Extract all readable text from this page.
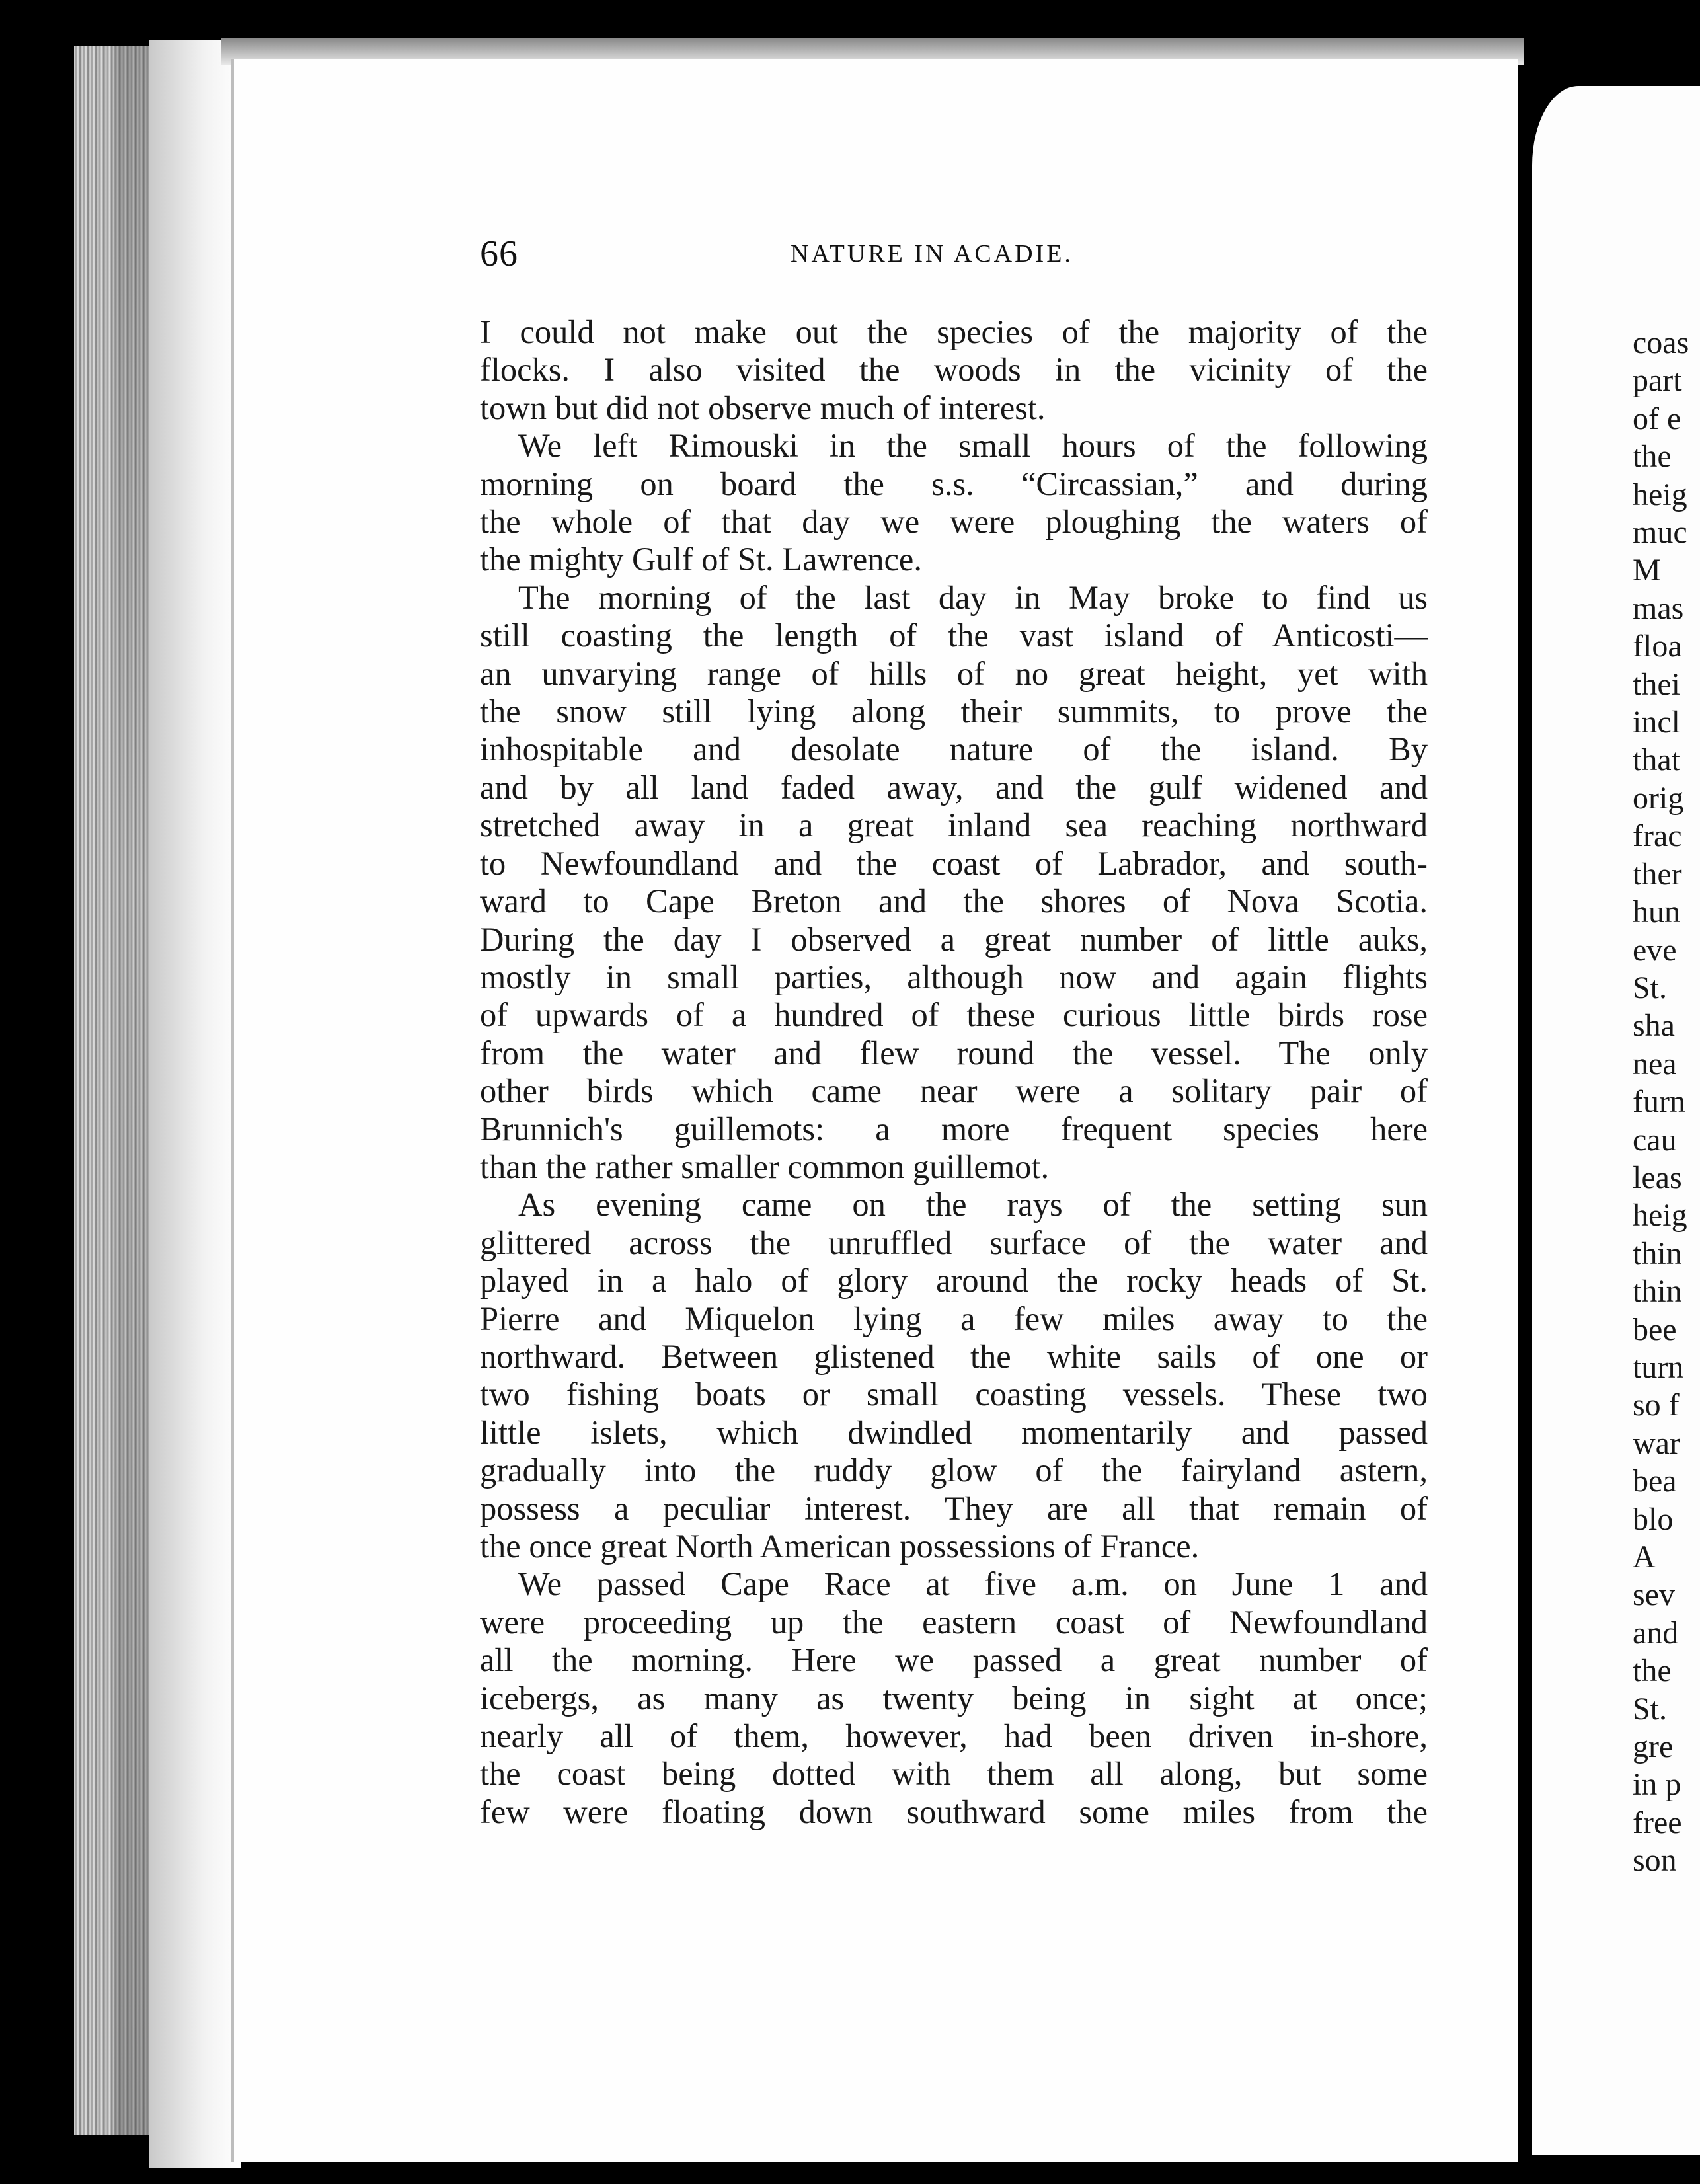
66	NATURE IN ACADIE.
I could not make out the species of the majority of the
flocks. I also visited the woods in the vicinity of the
town but did not observe much of interest.
We left Rimouski in the small hours of the following
morning on board the s.s. “Circassian,” and during
the whole of that day we were ploughing the waters of
the mighty Gulf of St. Lawrence.
The morning of the last day in May broke to find us
still coasting the length of the vast island of Anticosti—
an unvarying range of hills of no great height, yet with
the snow still lying along their summits, to prove the
inhospitable and desolate nature of the island. By
and by all land faded away, and the gulf widened and
stretched away in a great inland sea reaching northward
to Newfoundland and the coast of Labrador, and south-
ward to Cape Breton and the shores of Nova Scotia.
During the day I observed a great number of little auks,
mostly in small parties, although now and again flights
of upwards of a hundred of these curious little birds rose
from the water and flew round the vessel. The only
other birds which came near were a solitary pair of
Brunnich's guillemots: a more frequent species here
than the rather smaller common guillemot.
As evening came on the rays of the setting sun
glittered across the unruffled surface of the water and
played in a halo of glory around the rocky heads of St.
Pierre and Miquelon lying a few miles away to the
northward. Between glistened the white sails of one or
two fishing boats or small coasting vessels. These two
little islets, which dwindled momentarily and passed
gradually into the ruddy glow of the fairyland astern,
possess a peculiar interest. They are all that remain of
the once great North American possessions of France.
We passed Cape Race at five a.m. on June 1 and
were proceeding up the eastern coast of Newfoundland
all the morning. Here we passed a great number of
icebergs, as many as twenty being in sight at once;
nearly all of them, however, had been driven in-shore,
the coast being dotted with them all along, but some
few were floating down southward some miles from the
coas
part
of e
the
heig
muc
M
mas
floa
thei
incl
that
orig
frac
ther
hun
eve
St.
sha
nea
furn
cau
leas
heig
thin
thin
bee
turn
so f
war
bea
blo
A
sev
and
the
St.
gre
in p
free
son
